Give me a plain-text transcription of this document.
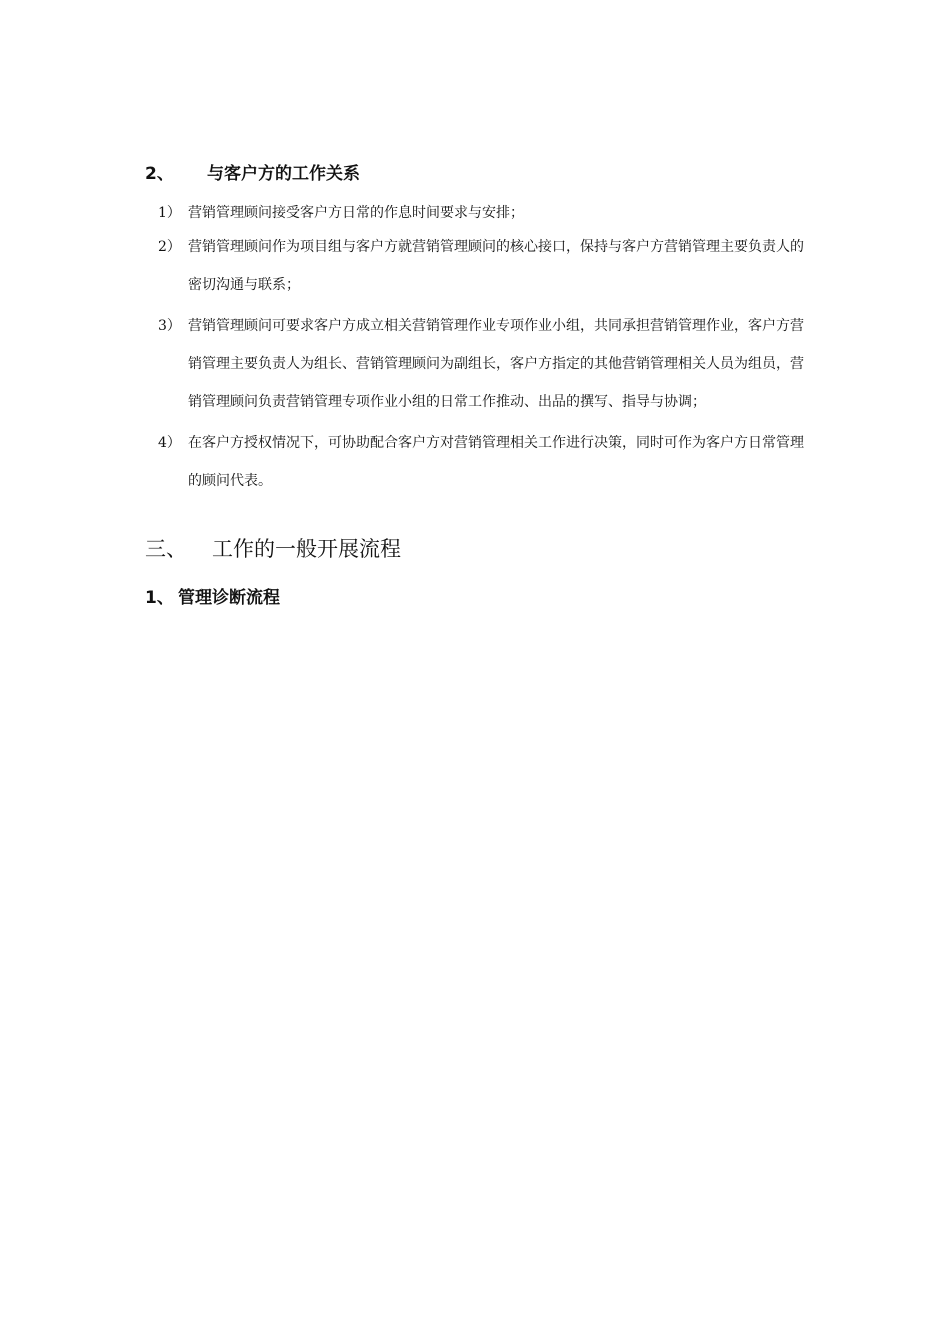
2、 与客户方的工作关系
1） 营销管理顾问接受客户方日常的作息时间要求与安排；
2） 营销管理顾问作为项目组与客户方就营销管理顾问的核心接口，保持与客户方营销管理主要负责人的密切沟通与联系；
3） 营销管理顾问可要求客户方成立相关营销管理作业专项作业小组，共同承担营销管理作业，客户方营销管理主要负责人为组长、营销管理顾问为副组长，客户方指定的其他营销管理相关人员为组员，营销管理顾问负责营销管理专项作业小组的日常工作推动、出品的撰写、指导与协调；
4） 在客户方授权情况下，可协助配合客户方对营销管理相关工作进行决策，同时可作为客户方日常管理的顾问代表。
三、 工作的一般开展流程
1、 管理诊断流程
